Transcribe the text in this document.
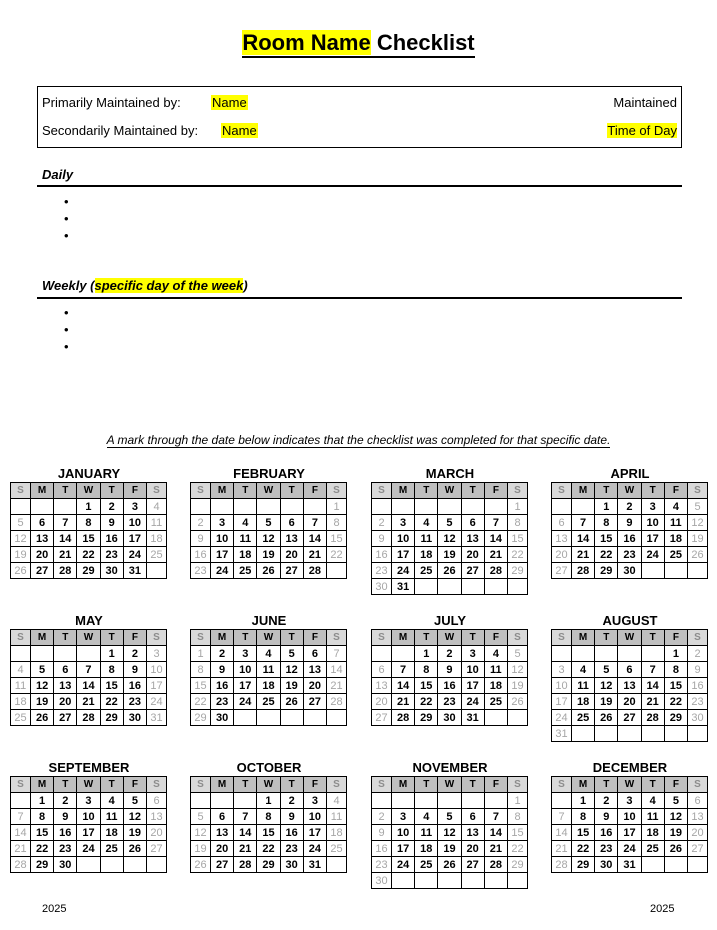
Room Name Checklist
Primarily Maintained by: Name
Secondarily Maintained by: Name
Maintained
Time of Day
Daily
•
•
•
Weekly (specific day of the week)
•
•
•
A mark through the date below indicates that the checklist was completed for that specific date.
JANUARY
S	M	T	W	T	F	S
			1	2	3	4
5	6	7	8	9	10	11
12	13	14	15	16	17	18
19	20	21	22	23	24	25
26	27	28	29	30	31	
FEBRUARY
S	M	T	W	T	F	S
						1
2	3	4	5	6	7	8
9	10	11	12	13	14	15
16	17	18	19	20	21	22
23	24	25	26	27	28	
MARCH
S	M	T	W	T	F	S
						1
2	3	4	5	6	7	8
9	10	11	12	13	14	15
16	17	18	19	20	21	22
23	24	25	26	27	28	29
30	31					
APRIL
S	M	T	W	T	F	S
		1	2	3	4	5
6	7	8	9	10	11	12
13	14	15	16	17	18	19
20	21	22	23	24	25	26
27	28	29	30			
MAY
S	M	T	W	T	F	S
				1	2	3
4	5	6	7	8	9	10
11	12	13	14	15	16	17
18	19	20	21	22	23	24
25	26	27	28	29	30	31
JUNE
S	M	T	W	T	F	S
1	2	3	4	5	6	7
8	9	10	11	12	13	14
15	16	17	18	19	20	21
22	23	24	25	26	27	28
29	30					
JULY
S	M	T	W	T	F	S
		1	2	3	4	5
6	7	8	9	10	11	12
13	14	15	16	17	18	19
20	21	22	23	24	25	26
27	28	29	30	31		
AUGUST
S	M	T	W	T	F	S
					1	2
3	4	5	6	7	8	9
10	11	12	13	14	15	16
17	18	19	20	21	22	23
24	25	26	27	28	29	30
31						
SEPTEMBER
S	M	T	W	T	F	S
	1	2	3	4	5	6
7	8	9	10	11	12	13
14	15	16	17	18	19	20
21	22	23	24	25	26	27
28	29	30				
OCTOBER
S	M	T	W	T	F	S
			1	2	3	4
5	6	7	8	9	10	11
12	13	14	15	16	17	18
19	20	21	22	23	24	25
26	27	28	29	30	31	
NOVEMBER
S	M	T	W	T	F	S
						1
2	3	4	5	6	7	8
9	10	11	12	13	14	15
16	17	18	19	20	21	22
23	24	25	26	27	28	29
30						
DECEMBER
S	M	T	W	T	F	S
	1	2	3	4	5	6
7	8	9	10	11	12	13
14	15	16	17	18	19	20
21	22	23	24	25	26	27
28	29	30	31			
2025	2025
